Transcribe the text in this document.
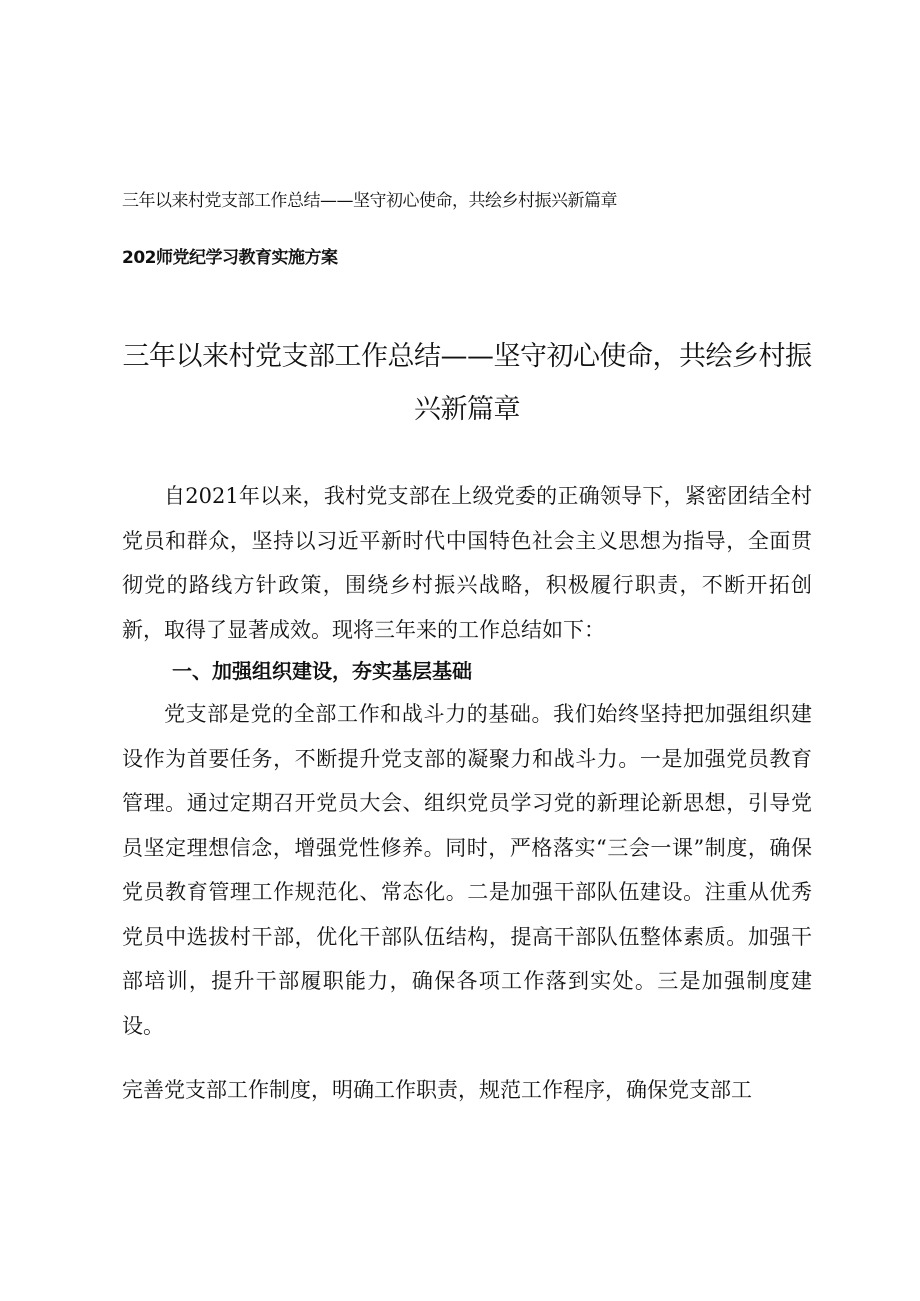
三年以来村党支部工作总结——坚守初心使命，共绘乡村振兴新篇章
202师党纪学习教育实施方案
三年以来村党支部工作总结——坚守初心使命，共绘乡村振兴新篇章

自2021年以来，我村党支部在上级党委的正确领导下，紧密团结全村党员和群众，坚持以习近平新时代中国特色社会主义思想为指导，全面贯彻党的路线方针政策，围绕乡村振兴战略，积极履行职责，不断开拓创新，取得了显著成效。现将三年来的工作总结如下：

一、加强组织建设，夯实基层基础

党支部是党的全部工作和战斗力的基础。我们始终坚持把加强组织建设作为首要任务，不断提升党支部的凝聚力和战斗力。一是加强党员教育管理。通过定期召开党员大会、组织党员学习党的新理论新思想，引导党员坚定理想信念，增强党性修养。同时，严格落实“三会一课”制度，确保党员教育管理工作规范化、常态化。二是加强干部队伍建设。注重从优秀党员中选拔村干部，优化干部队伍结构，提高干部队伍整体素质。加强干部培训，提升干部履职能力，确保各项工作落到实处。三是加强制度建设。

完善党支部工作制度，明确工作职责，规范工作程序，确保党支部工
